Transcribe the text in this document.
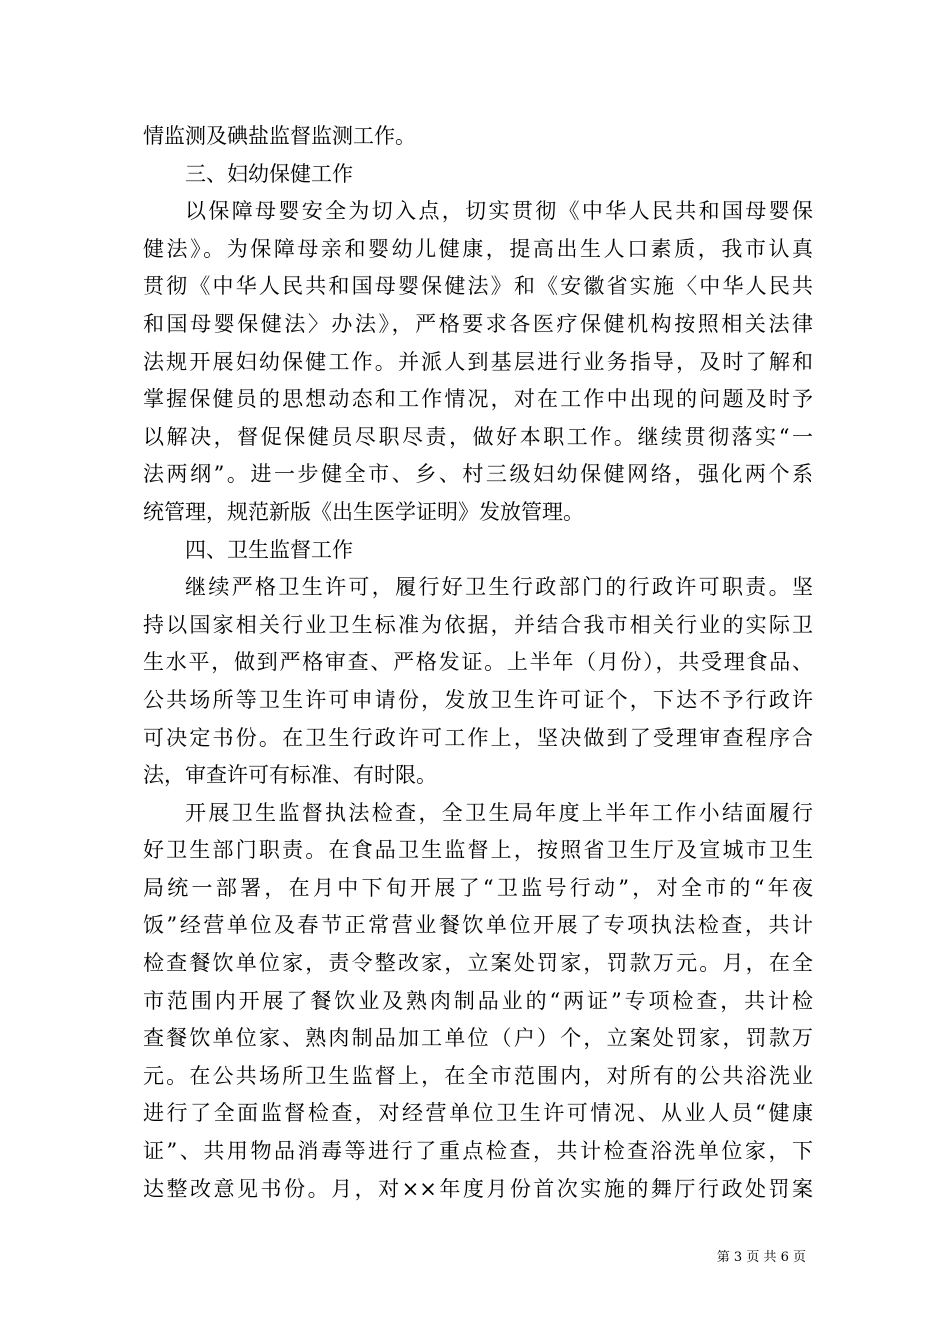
情监测及碘盐监督监测工作。
三、妇幼保健工作
以保障母婴安全为切入点，切实贯彻《中华人民共和国母婴保
健法》。为保障母亲和婴幼儿健康，提高出生人口素质，我市认真
贯彻《中华人民共和国母婴保健法》和《安徽省实施〈中华人民共
和国母婴保健法〉办法》，严格要求各医疗保健机构按照相关法律
法规开展妇幼保健工作。并派人到基层进行业务指导，及时了解和
掌握保健员的思想动态和工作情况，对在工作中出现的问题及时予
以解决，督促保健员尽职尽责，做好本职工作。继续贯彻落实“一
法两纲”。进一步健全市、乡、村三级妇幼保健网络，强化两个系
统管理，规范新版《出生医学证明》发放管理。
四、卫生监督工作
继续严格卫生许可，履行好卫生行政部门的行政许可职责。坚
持以国家相关行业卫生标准为依据，并结合我市相关行业的实际卫
生水平，做到严格审查、严格发证。上半年（月份），共受理食品、
公共场所等卫生许可申请份，发放卫生许可证个，下达不予行政许
可决定书份。在卫生行政许可工作上，坚决做到了受理审查程序合
法，审查许可有标准、有时限。
开展卫生监督执法检查，全卫生局年度上半年工作小结面履行
好卫生部门职责。在食品卫生监督上，按照省卫生厅及宣城市卫生
局统一部署，在月中下旬开展了“卫监号行动”，对全市的“年夜
饭”经营单位及春节正常营业餐饮单位开展了专项执法检查，共计
检查餐饮单位家，责令整改家，立案处罚家，罚款万元。月，在全
市范围内开展了餐饮业及熟肉制品业的“两证”专项检查，共计检
查餐饮单位家、熟肉制品加工单位（户）个，立案处罚家，罚款万
元。在公共场所卫生监督上，在全市范围内，对所有的公共浴洗业
进行了全面监督检查，对经营单位卫生许可情况、从业人员“健康
证”、共用物品消毒等进行了重点检查，共计检查浴洗单位家，下
达整改意见书份。月，对××年度月份首次实施的舞厅行政处罚案
第 3 页 共 6 页
